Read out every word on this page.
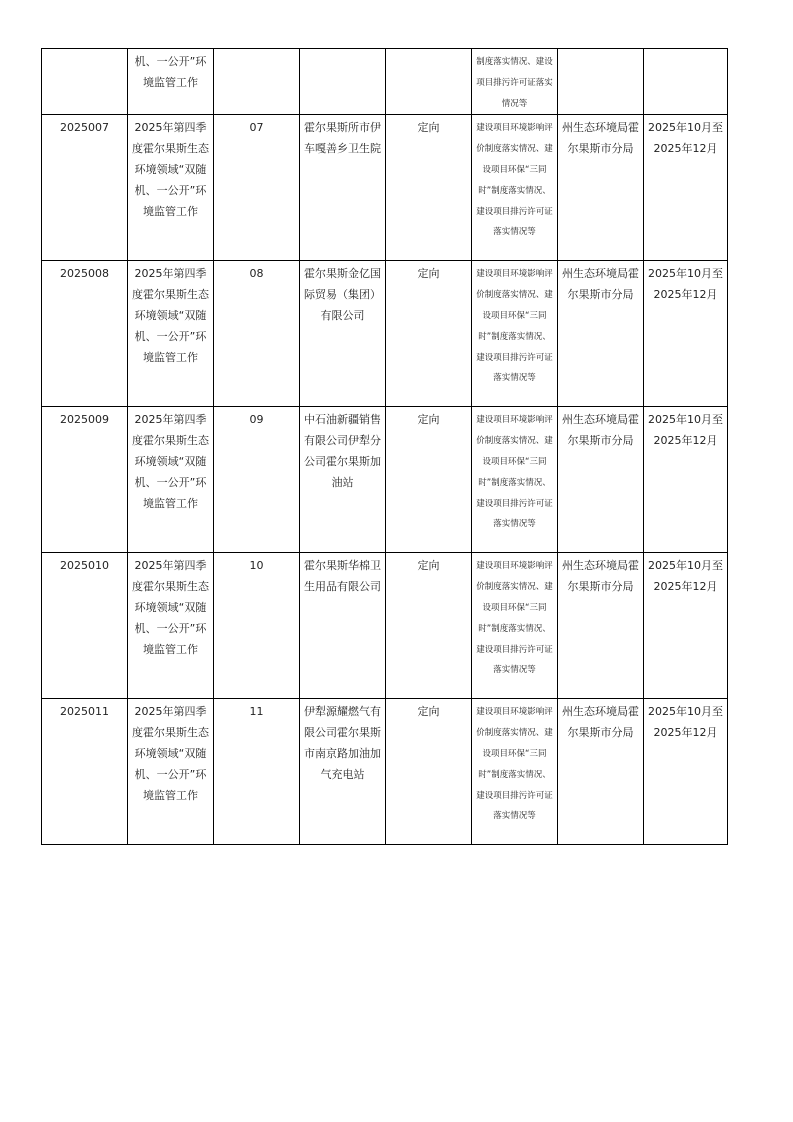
	机、一公开”环境监管工作				制度落实情况、建设项目排污许可证落实情况等		

2025007	2025年第四季度霍尔果斯生态环境领域“双随机、一公开”环境监管工作	07	霍尔果斯所市伊车嘎善乡卫生院	定向	建设项目环境影响评价制度落实情况、建设项目环保“三同时”制度落实情况、建设项目排污许可证落实情况等	州生态环境局霍尔果斯市分局	2025年10月至2025年12月

2025008	2025年第四季度霍尔果斯生态环境领域“双随机、一公开”环境监管工作	08	霍尔果斯金亿国际贸易（集团）有限公司	定向	建设项目环境影响评价制度落实情况、建设项目环保“三同时”制度落实情况、建设项目排污许可证落实情况等	州生态环境局霍尔果斯市分局	2025年10月至2025年12月

2025009	2025年第四季度霍尔果斯生态环境领域“双随机、一公开”环境监管工作	09	中石油新疆销售有限公司伊犁分公司霍尔果斯加油站	定向	建设项目环境影响评价制度落实情况、建设项目环保“三同时”制度落实情况、建设项目排污许可证落实情况等	州生态环境局霍尔果斯市分局	2025年10月至2025年12月

2025010	2025年第四季度霍尔果斯生态环境领域“双随机、一公开”环境监管工作	10	霍尔果斯华棉卫生用品有限公司	定向	建设项目环境影响评价制度落实情况、建设项目环保“三同时”制度落实情况、建设项目排污许可证落实情况等	州生态环境局霍尔果斯市分局	2025年10月至2025年12月

2025011	2025年第四季度霍尔果斯生态环境领域“双随机、一公开”环境监管工作	11	伊犁源耀燃气有限公司霍尔果斯市南京路加油加气充电站	定向	建设项目环境影响评价制度落实情况、建设项目环保“三同时”制度落实情况、建设项目排污许可证落实情况等	州生态环境局霍尔果斯市分局	2025年10月至2025年12月
